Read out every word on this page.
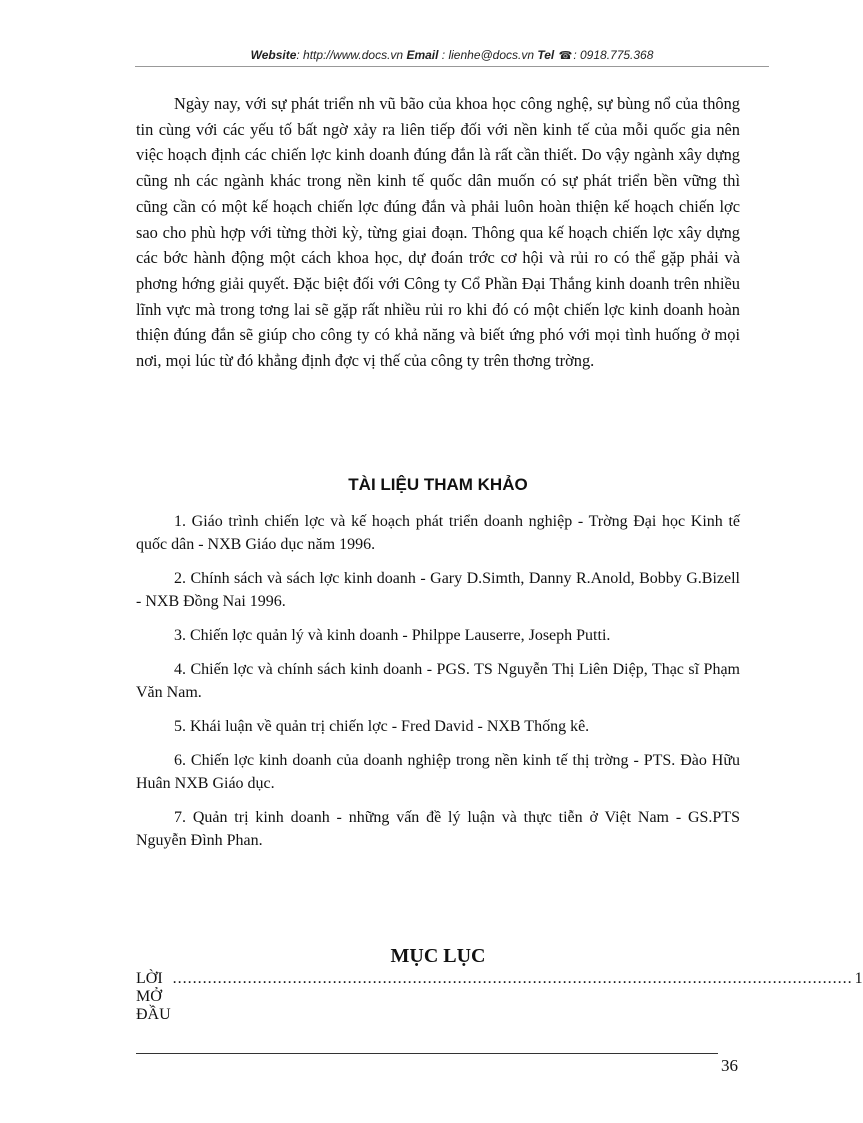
Website: http://www.docs.vn Email : lienhe@docs.vn Tel ☎: 0918.775.368

Ngày nay, với sự phát triển nh vũ bão của khoa học công nghệ, sự bùng nổ của thông tin cùng với các yếu tố bất ngờ xảy ra liên tiếp đối với nền kinh tế của mỗi quốc gia nên việc hoạch định các chiến lợc kinh doanh đúng đắn là rất cần thiết. Do vậy ngành xây dựng cũng nh các ngành khác trong nền kinh tế quốc dân muốn có sự phát triển bền vững thì cũng cần có một kế hoạch chiến lợc đúng đắn và phải luôn hoàn thiện kế hoạch chiến lợc sao cho phù hợp với từng thời kỳ, từng giai đoạn. Thông qua kế hoạch chiến lợc xây dựng các bớc hành động một cách khoa học, dự đoán trớc cơ hội và rủi ro có thể gặp phải và phơng hớng giải quyết. Đặc biệt đối với Công ty Cổ Phần Đại Thắng kinh doanh trên nhiều lĩnh vực mà trong tơng lai sẽ gặp rất nhiều rủi ro khi đó có một chiến lợc kinh doanh hoàn thiện đúng đắn sẽ giúp cho công ty có khả năng và biết ứng phó với mọi tình huống ở mọi nơi, mọi lúc từ đó khẳng định đợc vị thế của công ty trên thơng trờng.

TÀI LIỆU THAM KHẢO
1. Giáo trình chiến lợc và kế hoạch phát triển doanh nghiệp - Trờng Đại học Kinh tế quốc dân - NXB Giáo dục năm 1996.
2. Chính sách và sách lợc kinh doanh - Gary D.Simth, Danny R.Anold, Bobby G.Bizell - NXB Đồng Nai 1996.
3. Chiến lợc quản lý và kinh doanh - Philppe Lauserre, Joseph Putti.
4. Chiến lợc và chính sách kinh doanh - PGS. TS Nguyễn Thị Liên Diệp, Thạc sĩ Phạm Văn Nam.
5. Khái luận về quản trị chiến lợc - Fred David - NXB Thống kê.
6. Chiến lợc kinh doanh của doanh nghiệp trong nền kinh tế thị trờng - PTS. Đào Hữu Huân NXB Giáo dục.
7. Quản trị kinh doanh - những vấn đề lý luận và thực tiễn ở Việt Nam - GS.PTS Nguyễn Đình Phan.
MỤC LỤC
LỜI MỞ ĐẦU
........................................................................................................................................ 1
36
